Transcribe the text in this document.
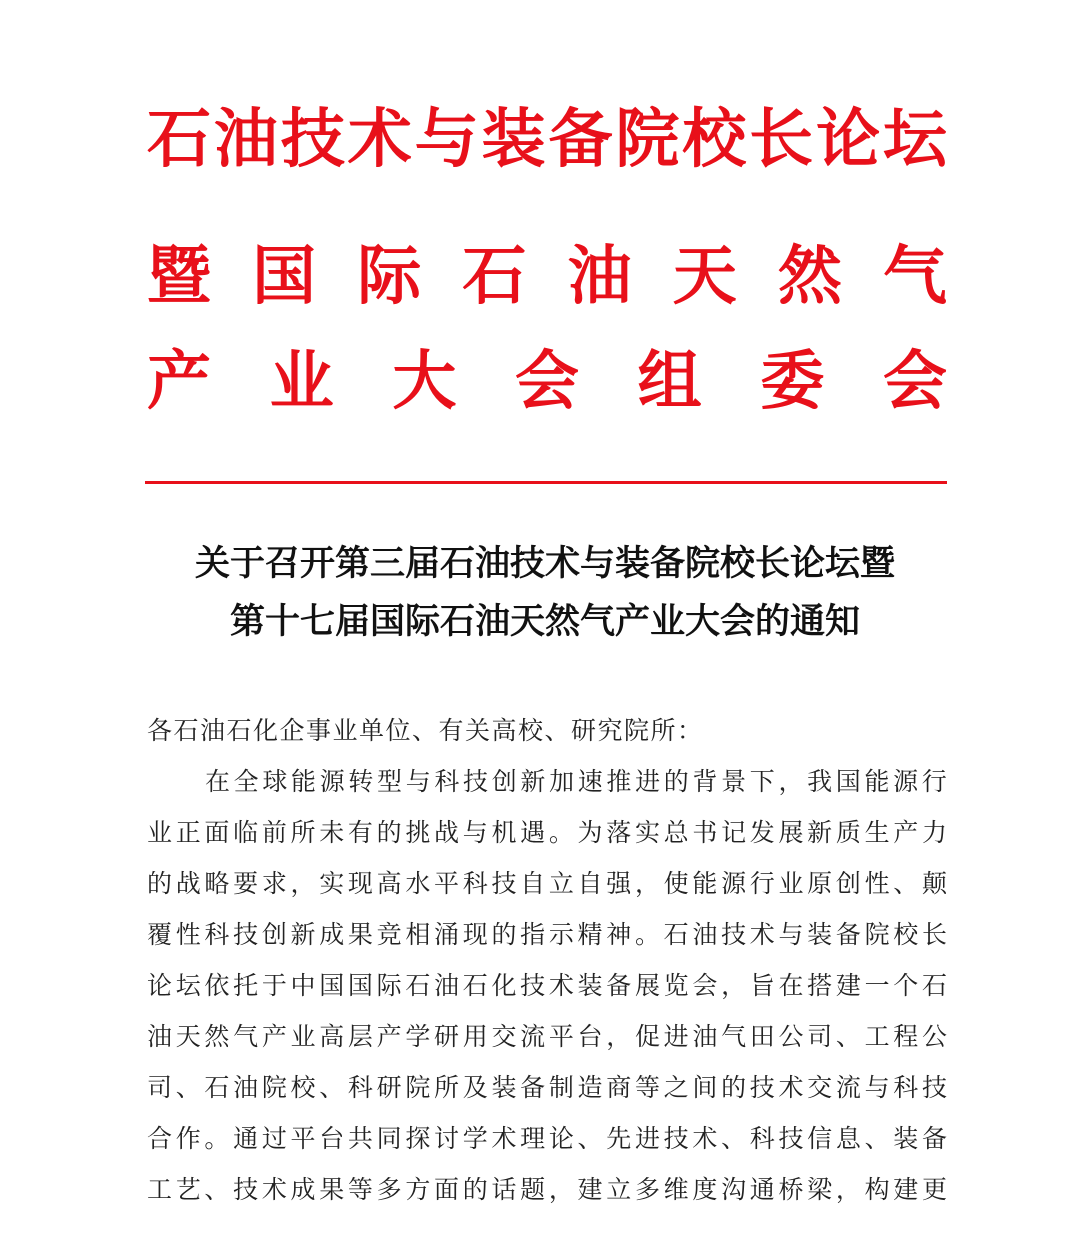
石 油 技 术 与 装 备 院 校 长 论 坛
暨 国 际 石 油 天 然 气
产 业 大 会 组 委 会
关于召开第三届石油技术与装备院校长论坛暨
第十七届国际石油天然气产业大会的通知
各石油石化企事业单位、有关高校、研究院所：
在 全 球 能 源 转 型 与 科 技 创 新 加 速 推 进 的 背 景 下 ， 我 国 能 源 行
业 正 面 临 前 所 未 有 的 挑 战 与 机 遇 。 为 落 实 总 书 记 发 展 新 质 生 产 力
的 战 略 要 求 ， 实 现 高 水 平 科 技 自 立 自 强 ， 使 能 源 行 业 原 创 性 、 颠
覆 性 科 技 创 新 成 果 竞 相 涌 现 的 指 示 精 神 。 石 油 技 术 与 装 备 院 校 长
论 坛 依 托 于 中 国 国 际 石 油 石 化 技 术 装 备 展 览 会 ， 旨 在 搭 建 一 个 石
油 天 然 气 产 业 高 层 产 学 研 用 交 流 平 台 ， 促 进 油 气 田 公 司 、 工 程 公
司 、 石 油 院 校 、 科 研 院 所 及 装 备 制 造 商 等 之 间 的 技 术 交 流 与 科 技
合 作 。 通 过 平 台 共 同 探 讨 学 术 理 论 、 先 进 技 术 、 科 技 信 息 、 装 备
工 艺 、 技 术 成 果 等 多 方 面 的 话 题 ， 建 立 多 维 度 沟 通 桥 梁 ， 构 建 更
